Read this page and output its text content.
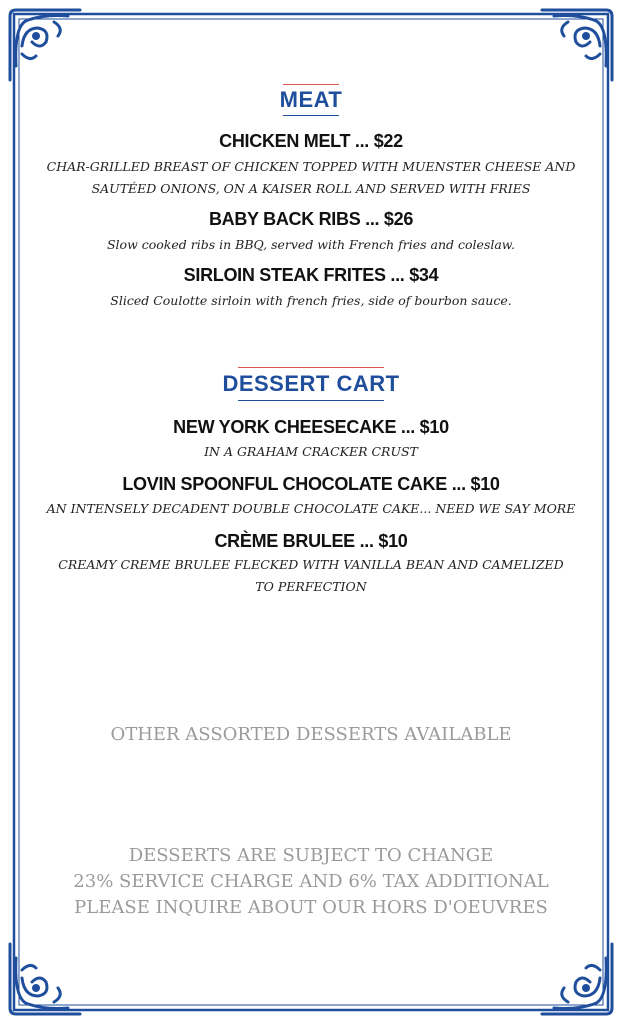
MEAT
CHICKEN MELT ... $22
CHAR-GRILLED BREAST OF CHICKEN TOPPED WITH MUENSTER CHEESE AND SAUTÉED ONIONS, ON A KAISER ROLL AND SERVED WITH FRIES
BABY BACK RIBS ... $26
Slow cooked ribs in BBQ, served with French fries and coleslaw.
SIRLOIN STEAK FRITES ... $34
Sliced Coulotte sirloin with french fries, side of bourbon sauce.
DESSERT CART
NEW YORK CHEESECAKE ... $10
IN A GRAHAM CRACKER CRUST
LOVIN SPOONFUL CHOCOLATE CAKE ... $10
AN INTENSELY DECADENT DOUBLE CHOCOLATE CAKE... NEED WE SAY MORE
CRÈME BRULEE ... $10
CREAMY CREME BRULEE FLECKED WITH VANILLA BEAN AND CAMELIZED TO PERFECTION
OTHER ASSORTED DESSERTS AVAILABLE
DESSERTS ARE SUBJECT TO CHANGE
23% SERVICE CHARGE AND 6% TAX ADDITIONAL
PLEASE INQUIRE ABOUT OUR HORS D'OEUVRES
